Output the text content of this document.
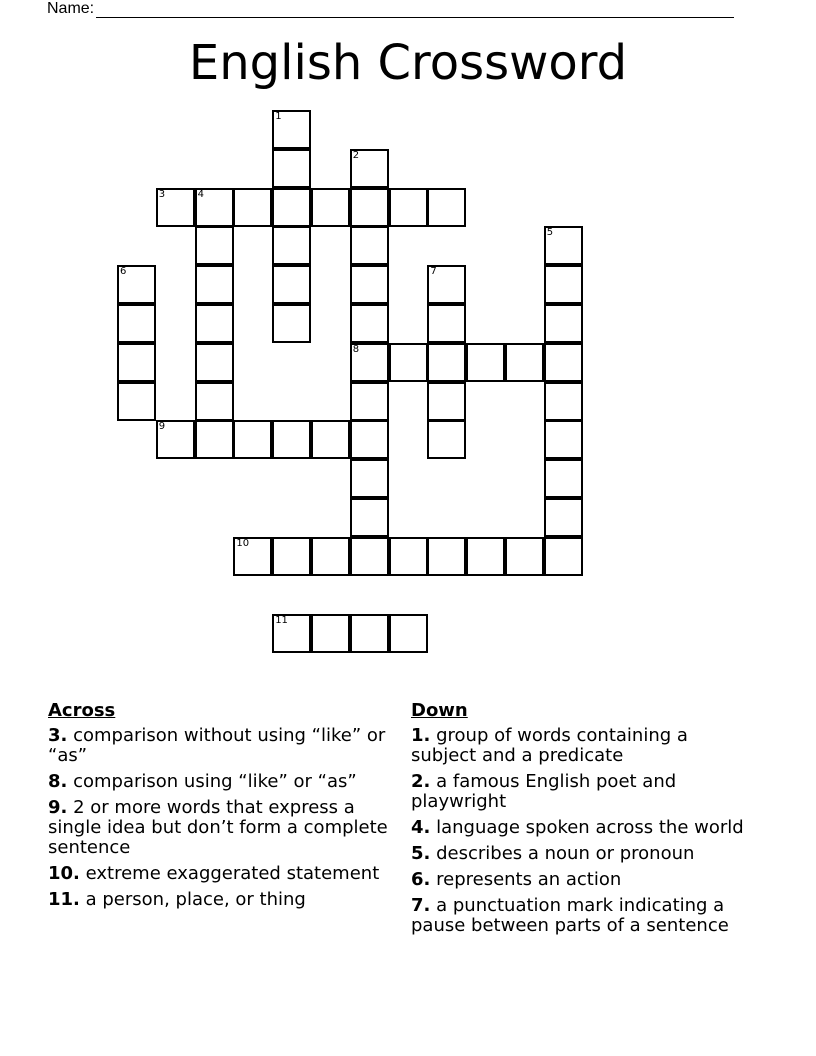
Name:
English Crossword
1
2
3	4
5
6	7
8
9
10
11
Across
3. comparison without using “like” or “as”
8. comparison using “like” or “as”
9. 2 or more words that express a single idea but don’t form a complete sentence
10. extreme exaggerated statement
11. a person, place, or thing
Down
1. group of words containing a subject and a predicate
2. a famous English poet and playwright
4. language spoken across the world
5. describes a noun or pronoun
6. represents an action
7. a punctuation mark indicating a pause between parts of a sentence
